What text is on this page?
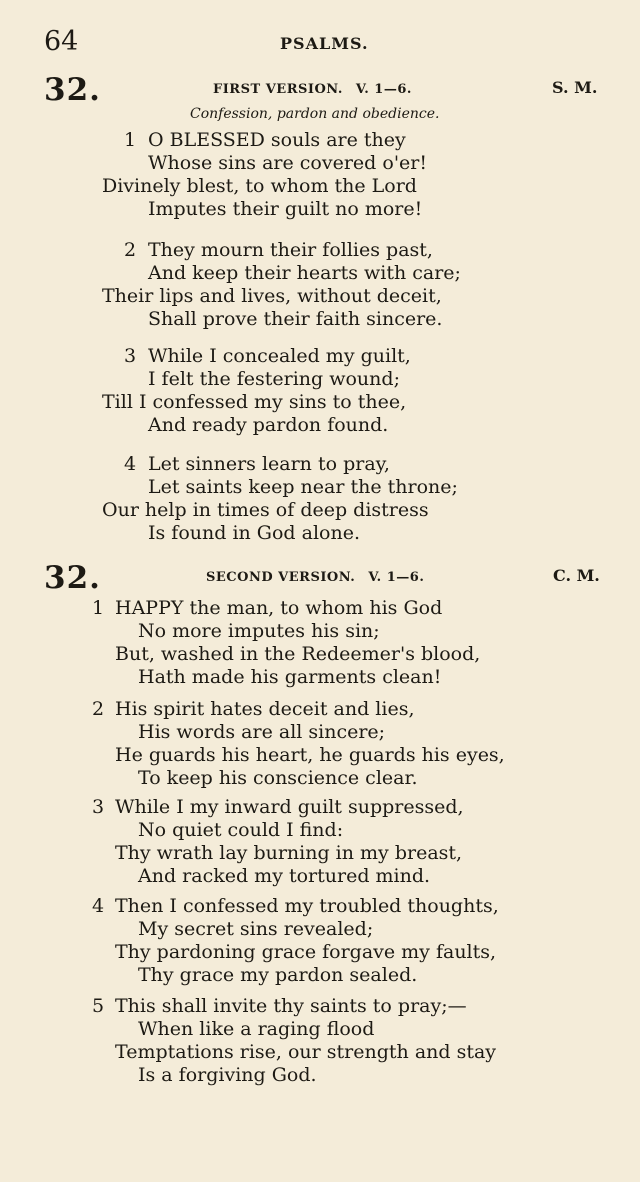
64	PSALMS.
32.	FIRST VERSION. V. 1—6.	S. M.
Confession, pardon and obedience.
1 O BLESSED souls are they
Whose sins are covered o'er!
Divinely blest, to whom the Lord
Imputes their guilt no more!
2 They mourn their follies past,
And keep their hearts with care;
Their lips and lives, without deceit,
Shall prove their faith sincere.
3 While I concealed my guilt,
I felt the festering wound;
Till I confessed my sins to thee,
And ready pardon found.
4 Let sinners learn to pray,
Let saints keep near the throne;
Our help in times of deep distress
Is found in God alone.
32.	SECOND VERSION. V. 1—6.	C. M.
1 HAPPY the man, to whom his God
No more imputes his sin;
But, washed in the Redeemer's blood,
Hath made his garments clean!
2 His spirit hates deceit and lies,
His words are all sincere;
He guards his heart, he guards his eyes,
To keep his conscience clear.
3 While I my inward guilt suppressed,
No quiet could I find:
Thy wrath lay burning in my breast,
And racked my tortured mind.
4 Then I confessed my troubled thoughts,
My secret sins revealed;
Thy pardoning grace forgave my faults,
Thy grace my pardon sealed.
5 This shall invite thy saints to pray;—
When like a raging flood
Temptations rise, our strength and stay
Is a forgiving God.
